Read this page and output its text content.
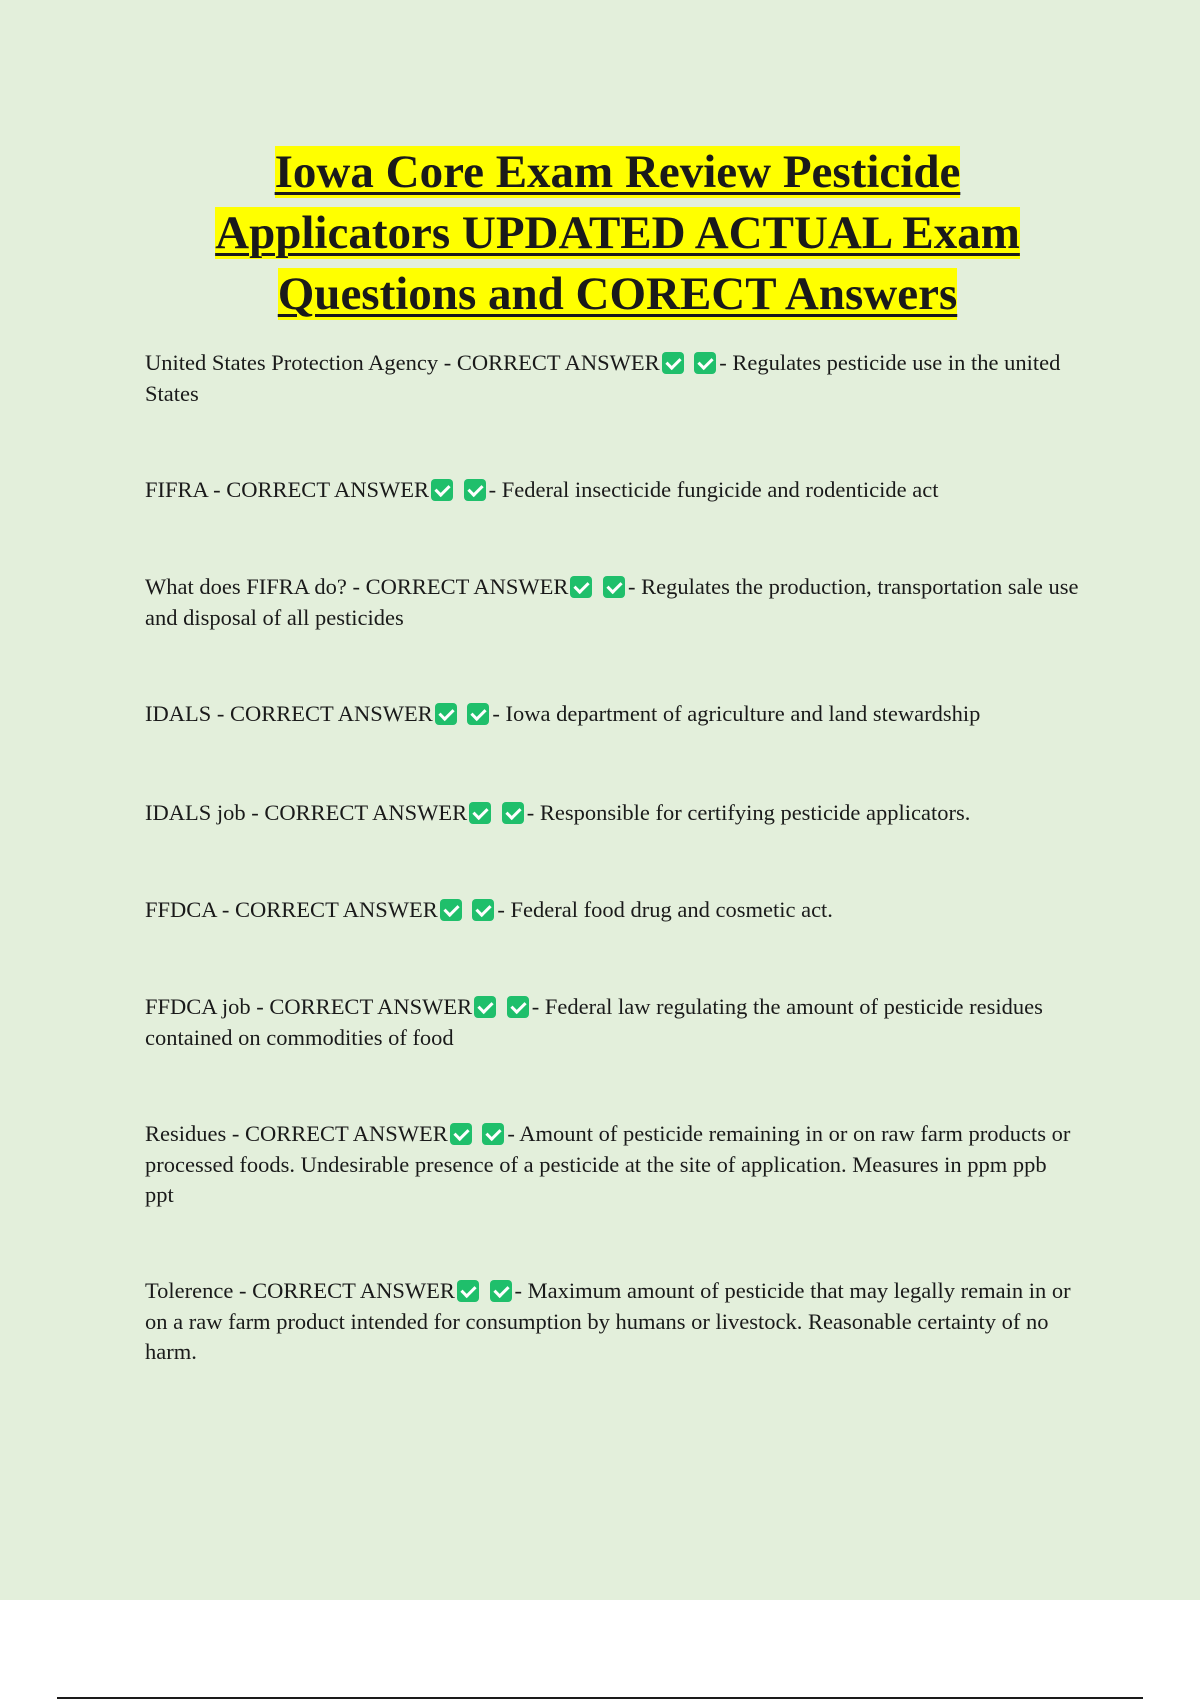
Iowa Core Exam Review Pesticide
Applicators UPDATED ACTUAL Exam
Questions and CORECT Answers

United States Protection Agency - CORRECT ANSWER	- Regulates pesticide use in the united States

FIFRA - CORRECT ANSWER	- Federal insecticide fungicide and rodenticide act

What does FIFRA do? - CORRECT ANSWER	- Regulates the production, transportation sale use and disposal of all pesticides

IDALS - CORRECT ANSWER	- Iowa department of agriculture and land stewardship

IDALS job - CORRECT ANSWER	- Responsible for certifying pesticide applicators.

FFDCA - CORRECT ANSWER	- Federal food drug and cosmetic act.

FFDCA job - CORRECT ANSWER	- Federal law regulating the amount of pesticide residues contained on commodities of food

Residues - CORRECT ANSWER	- Amount of pesticide remaining in or on raw farm products or processed foods. Undesirable presence of a pesticide at the site of application. Measures in ppm ppb ppt

Tolerence - CORRECT ANSWER	- Maximum amount of pesticide that may legally remain in or on a raw farm product intended for consumption by humans or livestock. Reasonable certainty of no harm.
